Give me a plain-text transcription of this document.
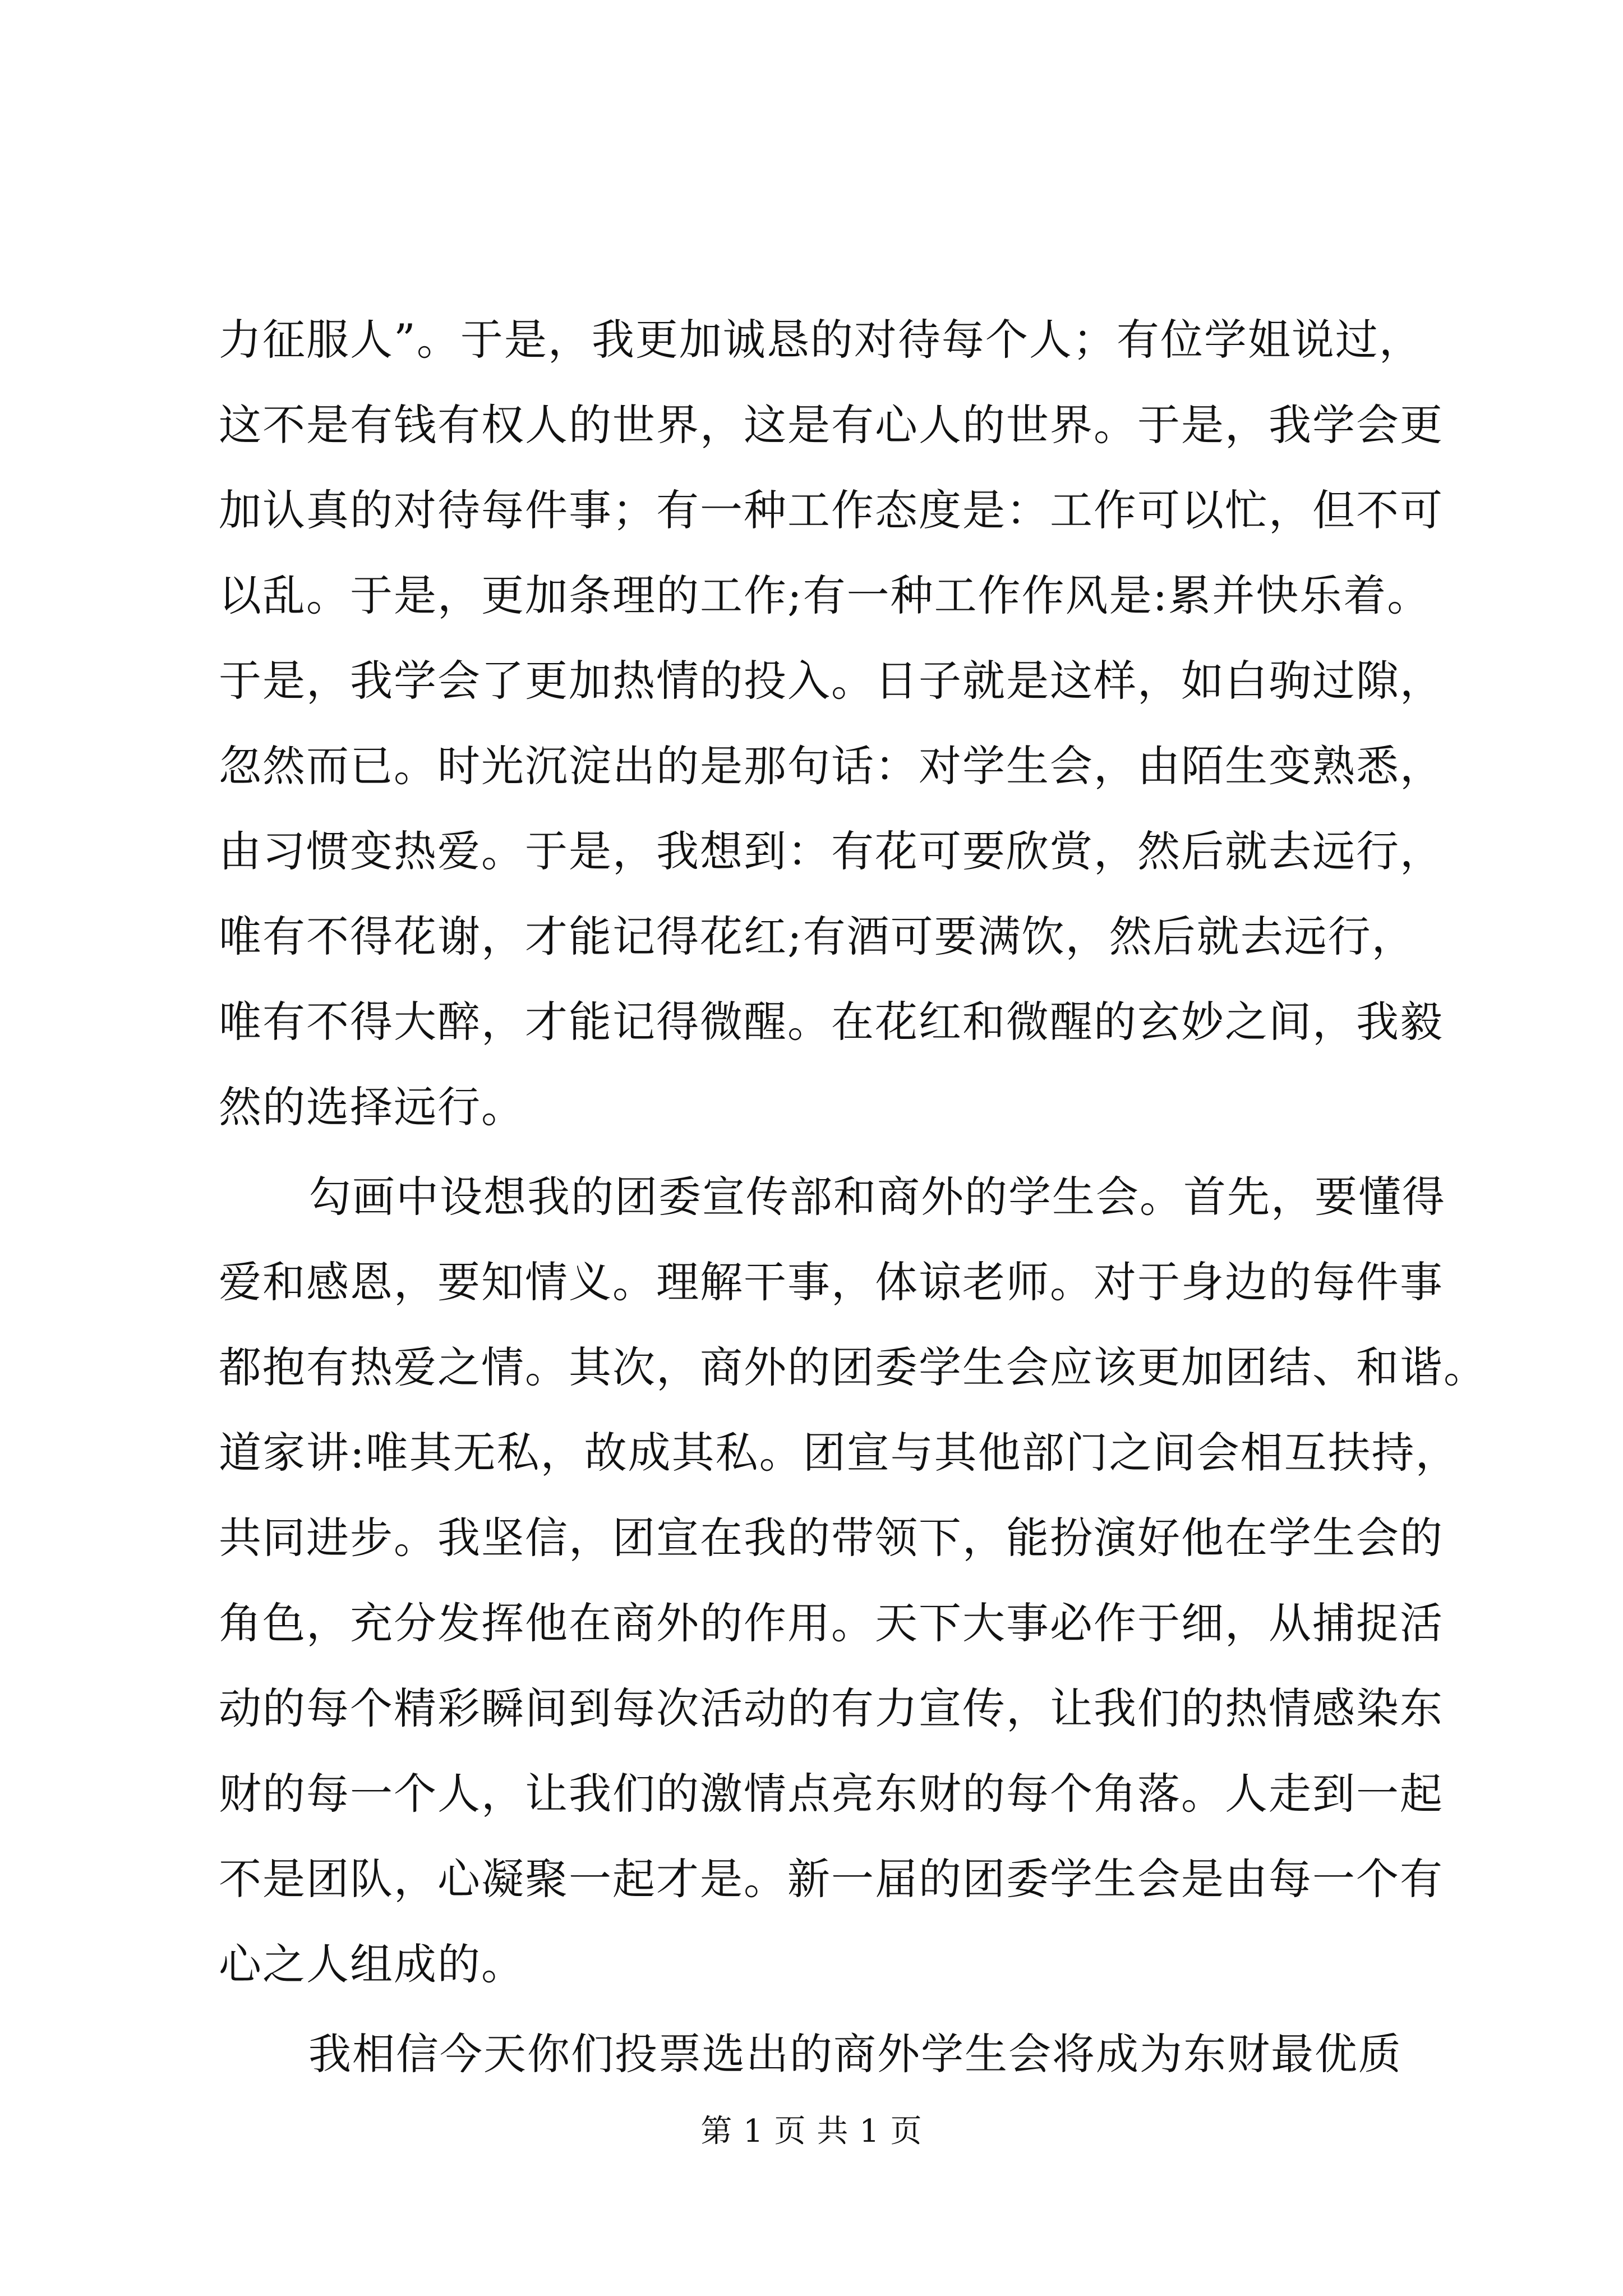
力征服人”。于是，我更加诚恳的对待每个人；有位学姐说过，
这不是有钱有权人的世界，这是有心人的世界。于是，我学会更
加认真的对待每件事；有一种工作态度是：工作可以忙，但不可
以乱。于是，更加条理的工作;有一种工作作风是:累并快乐着。
于是，我学会了更加热情的投入。日子就是这样，如白驹过隙，
忽然而已。时光沉淀出的是那句话：对学生会，由陌生变熟悉，
由习惯变热爱。于是，我想到：有花可要欣赏，然后就去远行，
唯有不得花谢，才能记得花红;有酒可要满饮，然后就去远行，
唯有不得大醉，才能记得微醒。在花红和微醒的玄妙之间，我毅
然的选择远行。
勾画中设想我的团委宣传部和商外的学生会。首先，要懂得
爱和感恩，要知情义。理解干事，体谅老师。对于身边的每件事
都抱有热爱之情。其次，商外的团委学生会应该更加团结、和谐。
道家讲:唯其无私，故成其私。团宣与其他部门之间会相互扶持，
共同进步。我坚信，团宣在我的带领下，能扮演好他在学生会的
角色，充分发挥他在商外的作用。天下大事必作于细，从捕捉活
动的每个精彩瞬间到每次活动的有力宣传，让我们的热情感染东
财的每一个人，让我们的激情点亮东财的每个角落。人走到一起
不是团队，心凝聚一起才是。新一届的团委学生会是由每一个有
心之人组成的。
我相信今天你们投票选出的商外学生会将成为东财最优质
第 1 页 共 1 页
